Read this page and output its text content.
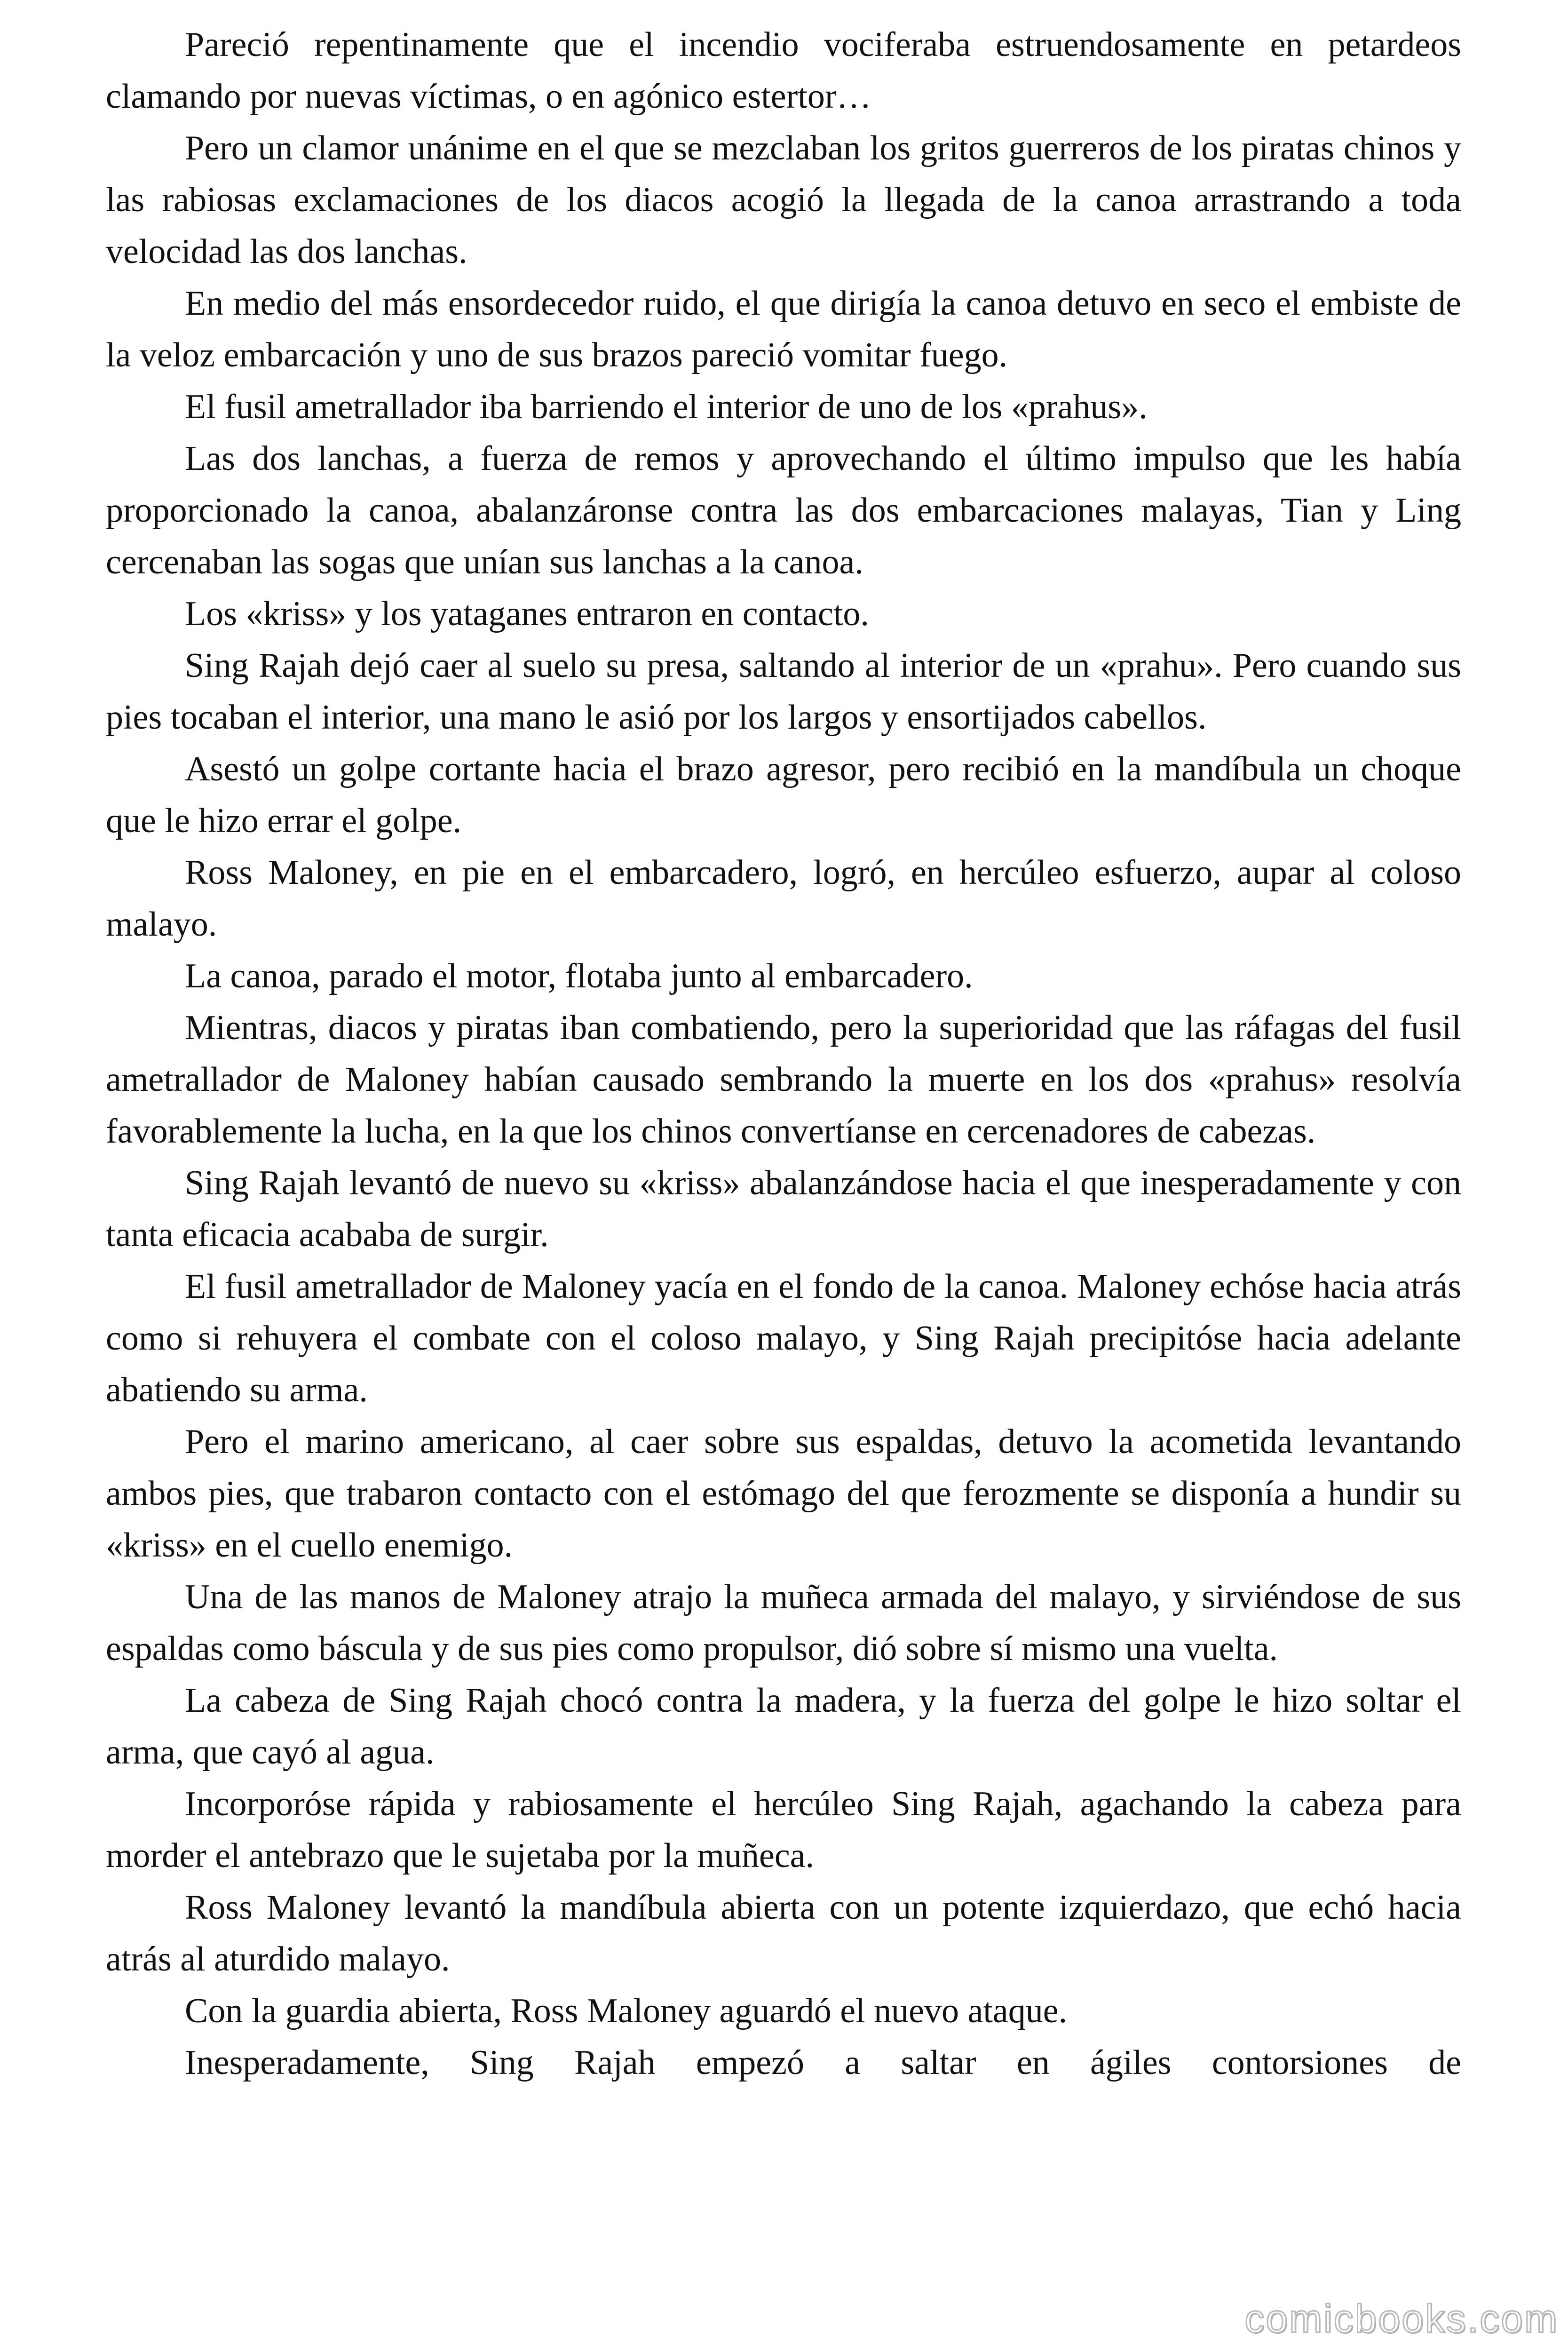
Pareció repentinamente que el incendio vociferaba estruendosamente en petardeos clamando por nuevas víctimas, o en agónico estertor…

Pero un clamor unánime en el que se mezclaban los gritos guerreros de los piratas chinos y las rabiosas exclamaciones de los diacos acogió la llegada de la canoa arrastrando a toda velocidad las dos lanchas.

En medio del más ensordecedor ruido, el que dirigía la canoa detuvo en seco el embiste de la veloz embarcación y uno de sus brazos pareció vomitar fuego.

El fusil ametrallador iba barriendo el interior de uno de los «prahus».

Las dos lanchas, a fuerza de remos y aprovechando el último impulso que les había proporcionado la canoa, abalanzáronse contra las dos embarcaciones malayas, Tian y Ling cercenaban las sogas que unían sus lanchas a la canoa.

Los «kriss» y los yataganes entraron en contacto.

Sing Rajah dejó caer al suelo su presa, saltando al interior de un «prahu». Pero cuando sus pies tocaban el interior, una mano le asió por los largos y ensortijados cabellos.

Asestó un golpe cortante hacia el brazo agresor, pero recibió en la mandíbula un choque que le hizo errar el golpe.

Ross Maloney, en pie en el embarcadero, logró, en hercúleo esfuerzo, aupar al coloso malayo.

La canoa, parado el motor, flotaba junto al embarcadero.

Mientras, diacos y piratas iban combatiendo, pero la superioridad que las ráfagas del fusil ametrallador de Maloney habían causado sembrando la muerte en los dos «prahus» resolvía favorablemente la lucha, en la que los chinos convertíanse en cercenadores de cabezas.

Sing Rajah levantó de nuevo su «kriss» abalanzándose hacia el que inesperadamente y con tanta eficacia acababa de surgir.

El fusil ametrallador de Maloney yacía en el fondo de la canoa. Maloney echóse hacia atrás como si rehuyera el combate con el coloso malayo, y Sing Rajah precipitóse hacia adelante abatiendo su arma.

Pero el marino americano, al caer sobre sus espaldas, detuvo la acometida levantando ambos pies, que trabaron contacto con el estómago del que ferozmente se disponía a hundir su «kriss» en el cuello enemigo.

Una de las manos de Maloney atrajo la muñeca armada del malayo, y sirviéndose de sus espaldas como báscula y de sus pies como propulsor, dió sobre sí mismo una vuelta.

La cabeza de Sing Rajah chocó contra la madera, y la fuerza del golpe le hizo soltar el arma, que cayó al agua.

Incorporóse rápida y rabiosamente el hercúleo Sing Rajah, agachando la cabeza para morder el antebrazo que le sujetaba por la muñeca.

Ross Maloney levantó la mandíbula abierta con un potente izquierdazo, que echó hacia atrás al aturdido malayo.

Con la guardia abierta, Ross Maloney aguardó el nuevo ataque.

Inesperadamente, Sing Rajah empezó a saltar en ágiles contorsiones de

comicbooks.com
